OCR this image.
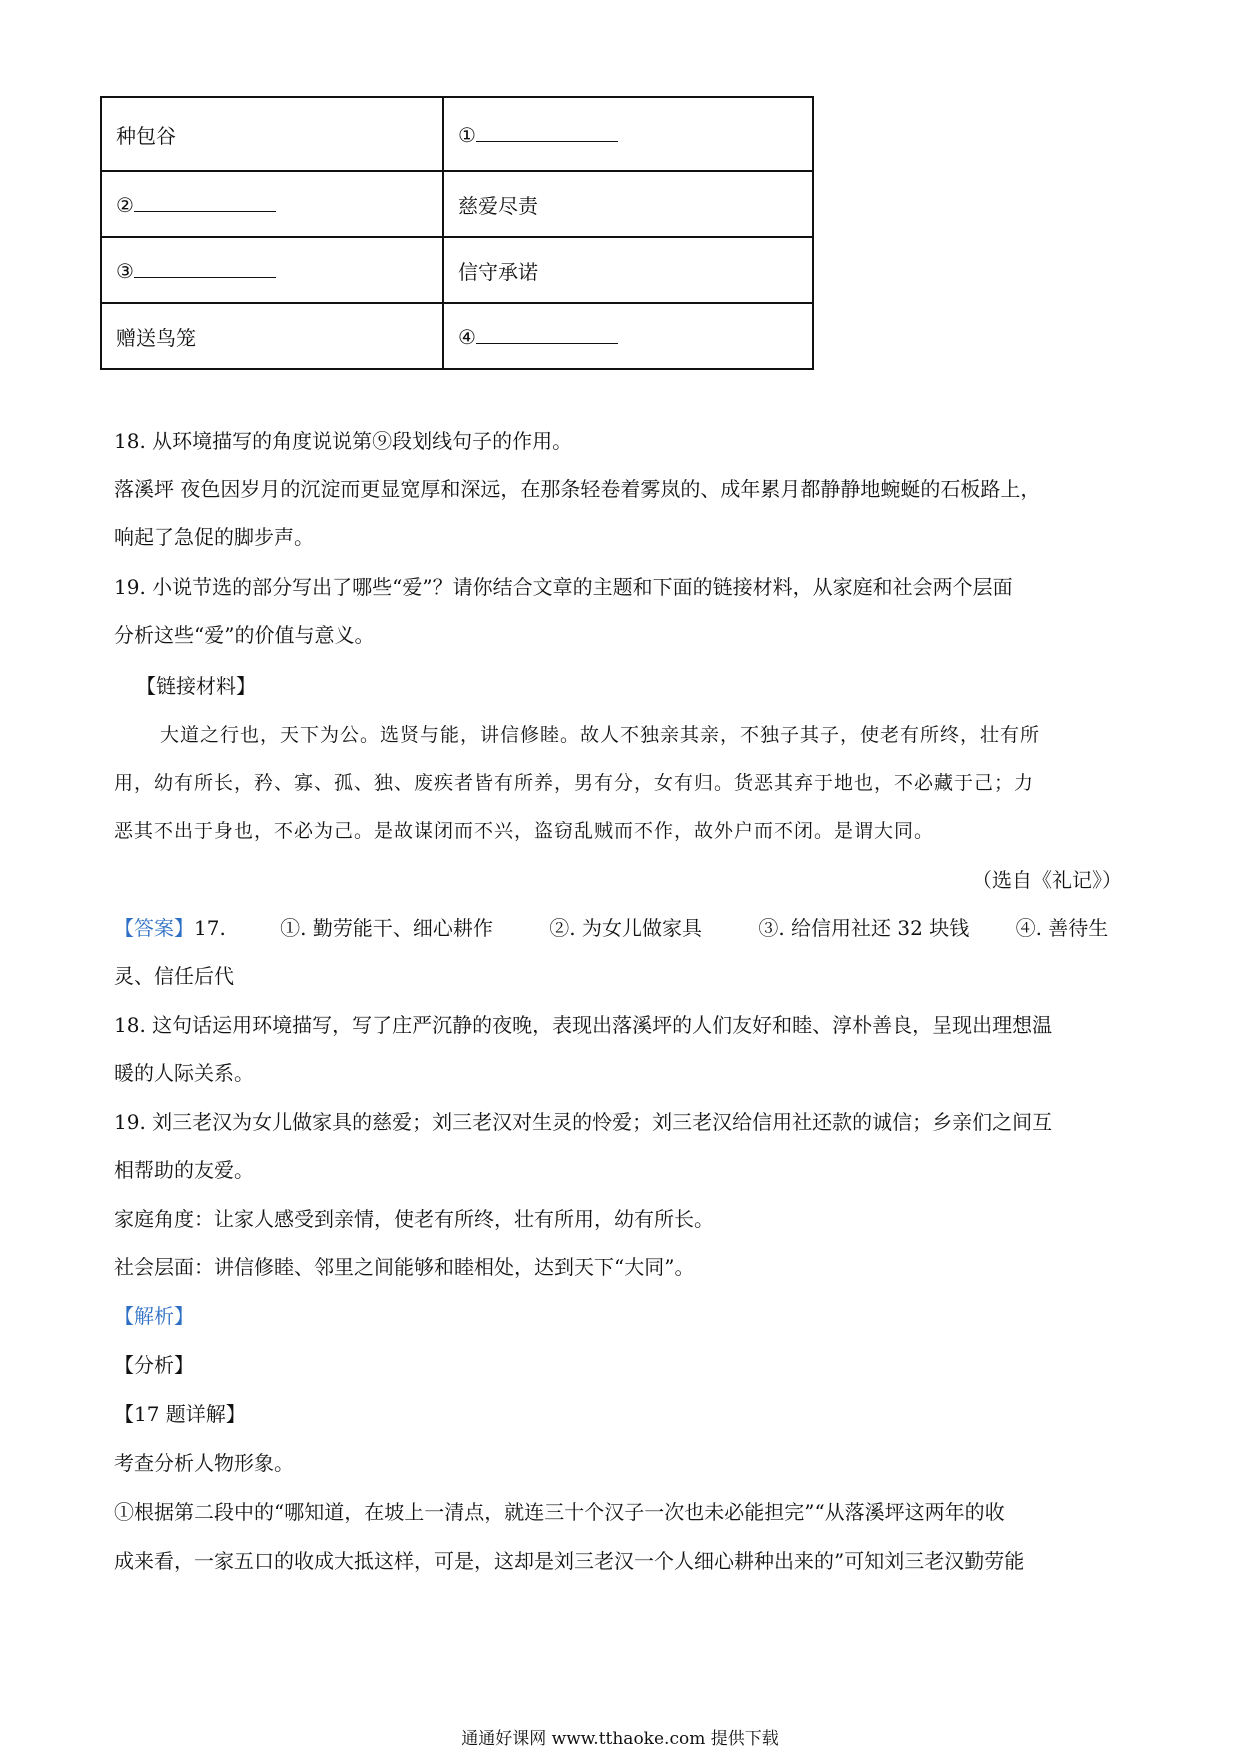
种包谷	①
②	慈爱尽责
③	信守承诺
赠送鸟笼	④
18. 从环境描写的角度说说第⑨段划线句子的作用。
落溪坪 夜色因岁月的沉淀而更显宽厚和深远，在那条轻卷着雾岚的、成年累月都静静地蜿蜒的石板路上，
响起了急促的脚步声。
19. 小说节选的部分写出了哪些“爱”？请你结合文章的主题和下面的链接材料，从家庭和社会两个层面
分析这些“爱”的价值与意义。
【链接材料】
大道之行也，天下为公。选贤与能，讲信修睦。故人不独亲其亲，不独子其子，使老有所终，壮有所
用，幼有所长，矜、寡、孤、独、废疾者皆有所养，男有分，女有归。货恶其弃于地也，不必藏于己；力
恶其不出于身也，不必为己。是故谋闭而不兴，盗窃乱贼而不作，故外户而不闭。是谓大同。
（选自《礼记》）
【答案】17.	①. 勤劳能干、细心耕作	②. 为女儿做家具	③. 给信用社还 32 块钱 ④. 善待生
灵、信任后代
18. 这句话运用环境描写，写了庄严沉静的夜晚，表现出落溪坪的人们友好和睦、淳朴善良，呈现出理想温
暖的人际关系。
19. 刘三老汉为女儿做家具的慈爱；刘三老汉对生灵的怜爱；刘三老汉给信用社还款的诚信；乡亲们之间互
相帮助的友爱。
家庭角度：让家人感受到亲情，使老有所终，壮有所用，幼有所长。
社会层面：讲信修睦、邻里之间能够和睦相处，达到天下“大同”。
【解析】
【分析】
【17 题详解】
考查分析人物形象。
①根据第二段中的“哪知道，在坡上一清点，就连三十个汉子一次也未必能担完”“从落溪坪这两年的收
成来看，一家五口的收成大抵这样，可是，这却是刘三老汉一个人细心耕种出来的”可知刘三老汉勤劳能
通通好课网 www.tthaoke.com 提供下载
